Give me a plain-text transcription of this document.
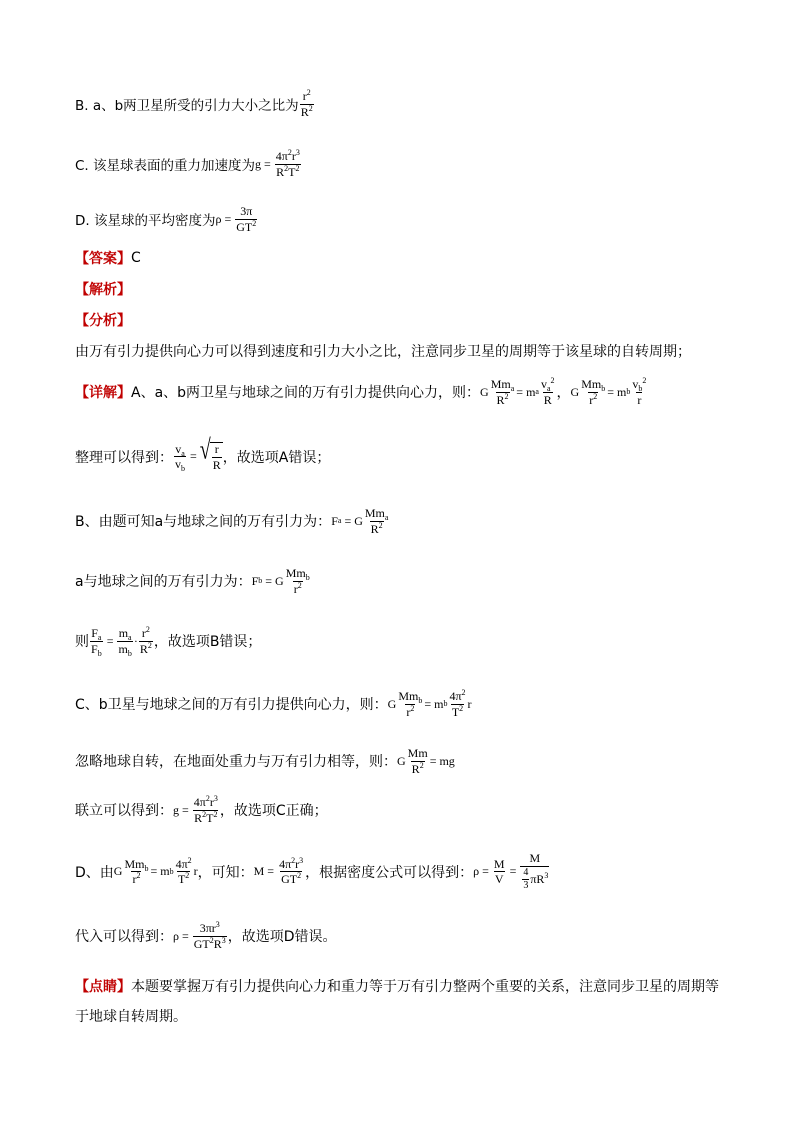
B. a、b两卫星所受的引力大小之比为
$r^2$
$R^2$
C. 该星球表面的重力加速度为 g =
$4\pi^2r^3$
$R^2T^2$
D. 该星球的平均密度为 ρ =
3π
$GT^2$
【答案】 C
【解析】
【分析】
由万有引力提供向心力可以得到速度和引力大小之比，注意同步卫星的周期等于该星球的自转周期；
【详解】 A、a、b两卫星与地球之间的万有引力提供向心力，则： G
$Mm_a$
$R^2 = m$ a
$v_a^2$
R ， G
$Mm_b$
$r^2 = m$ b
$v_b^2$
r
整理可以得到：
$v_a$
$v_b$
= √ r
R ，故选项A错误；
B、由题可知a与地球之间的万有引力为： F a = G
$Mm_a$
$R^2$
a与地球之间的万有引力为： F b = G
$Mm_b$
$r^2$
则
$F_a$
$F_b$
=
$m_a$
$m_b$
·
$r^2$
$R^2$ ，故选项B错误；
C、b卫星与地球之间的万有引力提供向心力，则： G
$Mm_b$
$r^2 = m$ b
$4\pi^2$
$T^2$ r
忽略地球自转，在地面处重力与万有引力相等，则： G
Mm
$R^2$ = mg
联立可以得到： g =
$4\pi^2r^3$
$R^2T^2$ ，故选项C正确；
D、由 G
$Mm_b$
$r^2 = m$ b
$4\pi^2$
$T^2$ r ，可知： M =
$4\pi^2r^3$
$GT^2$ ，根据密度公式可以得到： ρ =
M
V
=
M
$\frac{4}{3} \pi R^3$
代入可以得到： ρ =
$3\pi r^3$
$GT^2R^3$ ，故选项D错误。
【点睛】本题要掌握万有引力提供向心力和重力等于万有引力整两个重要的关系，注意同步卫星的周期等于地球自转周期。
